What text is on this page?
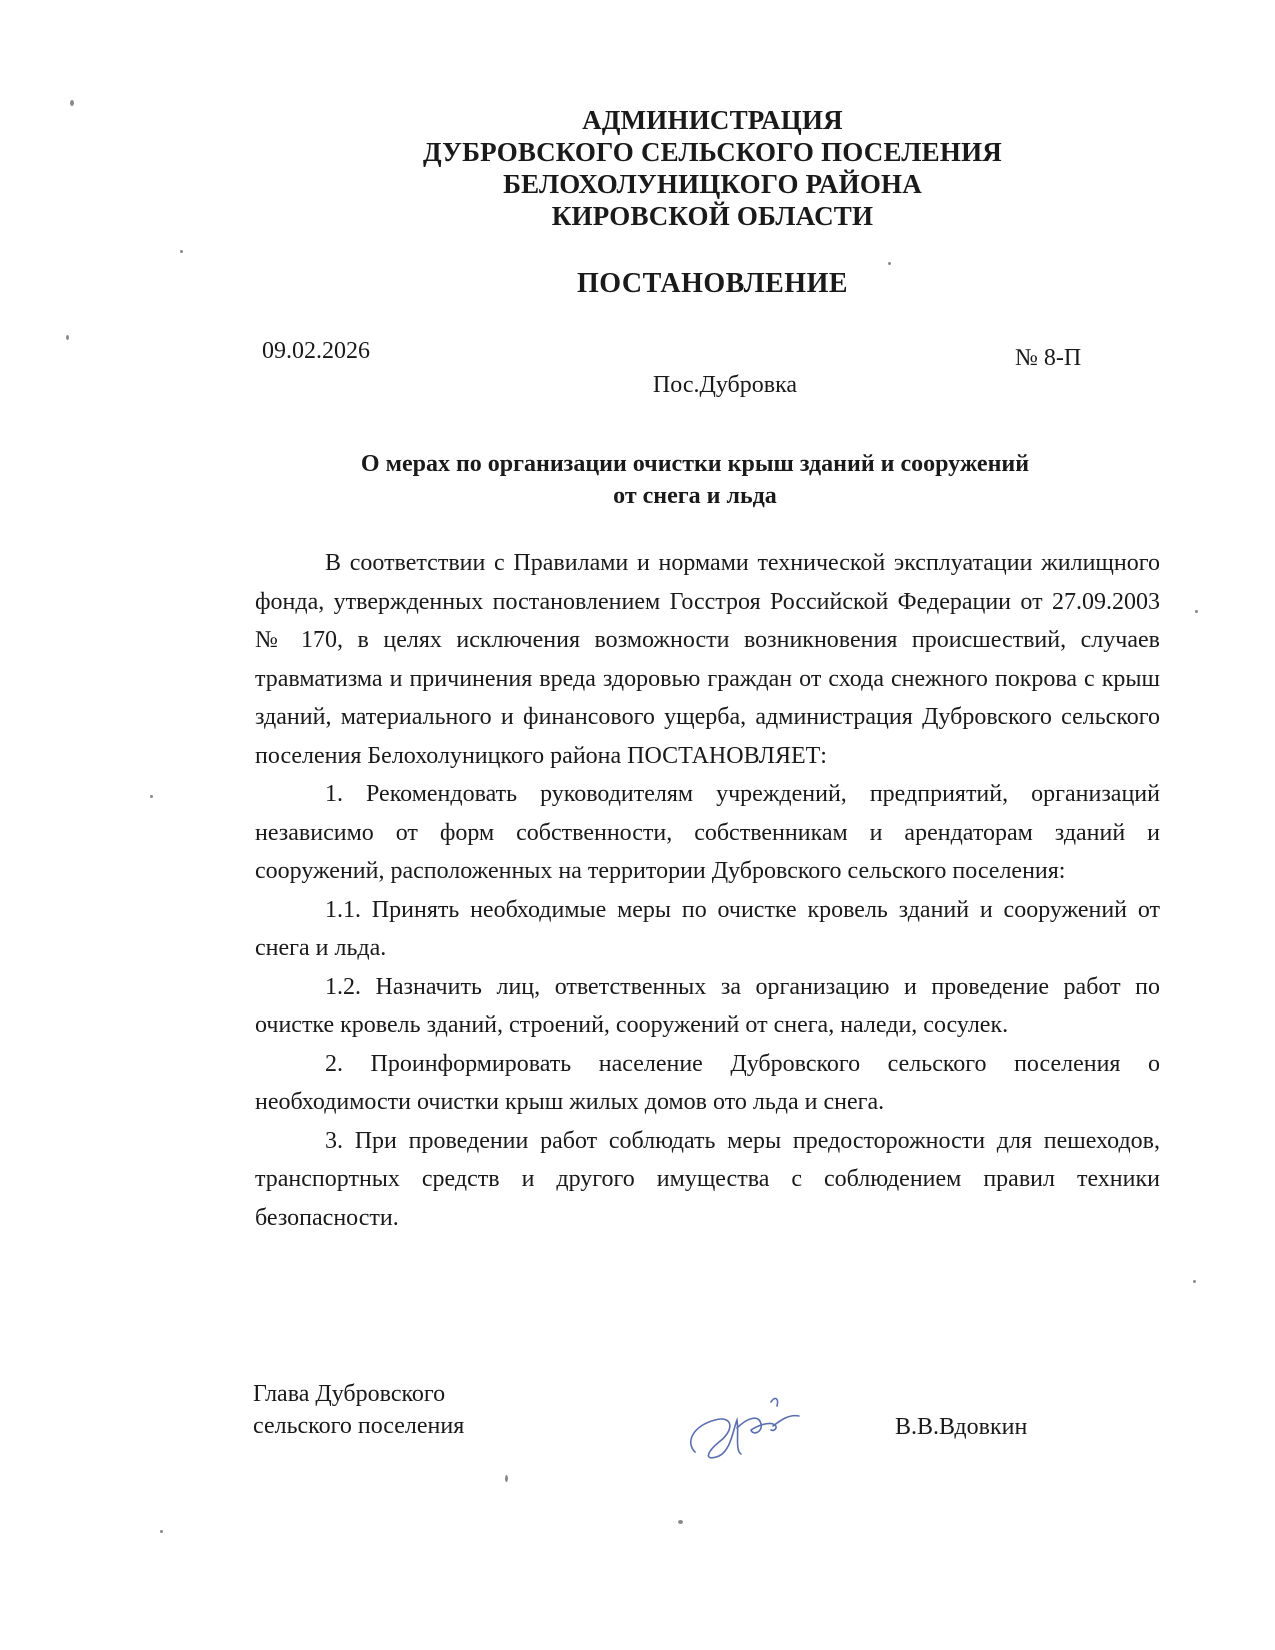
АДМИНИСТРАЦИЯ
ДУБРОВСКОГО СЕЛЬСКОГО ПОСЕЛЕНИЯ
БЕЛОХОЛУНИЦКОГО РАЙОНА
КИРОВСКОЙ ОБЛАСТИ
ПОСТАНОВЛЕНИЕ
09.02.2026	№ 8-П
Пос.Дубровка
О мерах по организации очистки крыш зданий и сооружений
от снега и льда

В соответствии с Правилами и нормами технической эксплуатации жилищного фонда, утвержденных постановлением Госстроя Российской Федерации от 27.09.2003 № 170, в целях исключения возможности возникновения происшествий, случаев травматизма и причинения вреда здоровью граждан от схода снежного покрова с крыш зданий, материального и финансового ущерба, администрация Дубровского сельского поселения Белохолуницкого района ПОСТАНОВЛЯЕТ:

1. Рекомендовать руководителям учреждений, предприятий, организаций независимо от форм собственности, собственникам и арендаторам зданий и сооружений, расположенных на территории Дубровского сельского поселения:

1.1. Принять необходимые меры по очистке кровель зданий и сооружений от снега и льда.

1.2. Назначить лиц, ответственных за организацию и проведение работ по очистке кровель зданий, строений, сооружений от снега, наледи, сосулек.

2. Проинформировать население Дубровского сельского поселения о необходимости очистки крыш жилых домов ото льда и снега.

3. При проведении работ соблюдать меры предосторожности для пешеходов, транспортных средств и другого имущества с соблюдением правил техники безопасности.

Глава Дубровского
сельского поселения	В.В.Вдовкин
